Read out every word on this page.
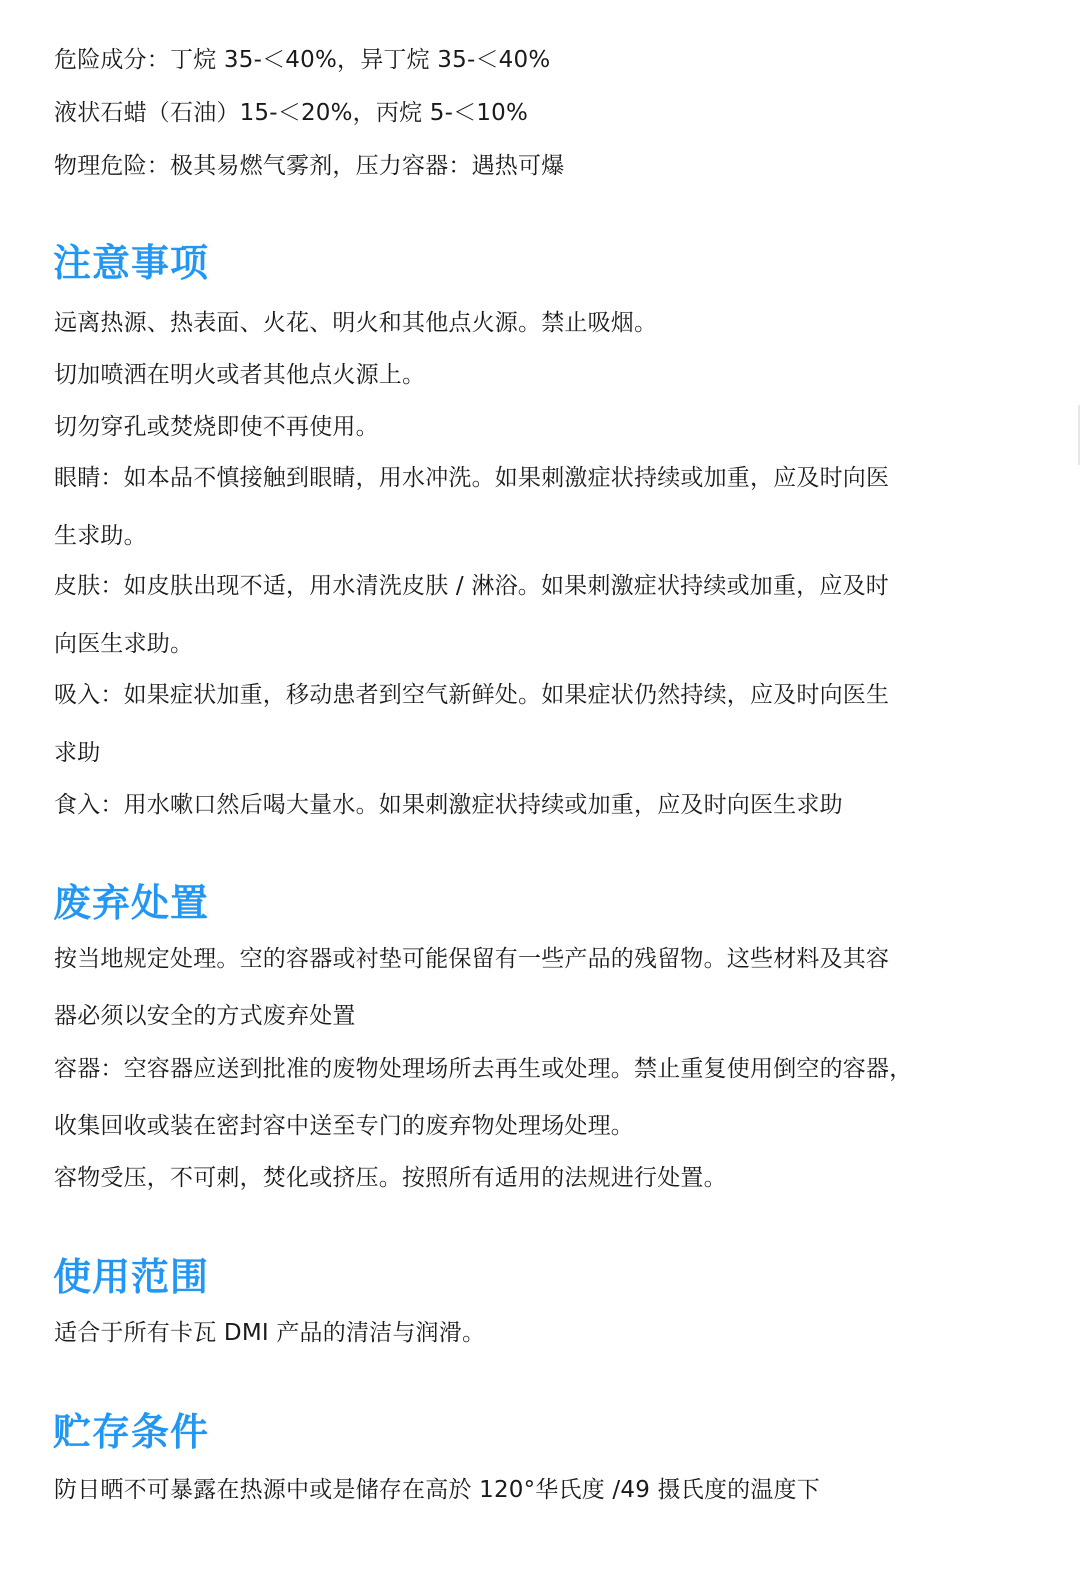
危险成分：丁烷 35-＜40%，异丁烷 35-＜40%
液状石蜡（石油）15-＜20%，丙烷 5-＜10%
物理危险：极其易燃气雾剂，压力容器：遇热可爆
注意事项
远离热源、热表面、火花、明火和其他点火源。禁止吸烟。
切加喷洒在明火或者其他点火源上。
切勿穿孔或焚烧即使不再使用。
眼睛：如本品不慎接触到眼睛，用水冲洗。如果刺激症状持续或加重，应及时向医
生求助。
皮肤：如皮肤出现不适，用水清洗皮肤 / 淋浴。如果刺激症状持续或加重，应及时
向医生求助。
吸入：如果症状加重，移动患者到空气新鲜处。如果症状仍然持续，应及时向医生
求助
食入：用水嗽口然后喝大量水。如果刺激症状持续或加重，应及时向医生求助
废弃处置
按当地规定处理。空的容器或衬垫可能保留有一些产品的残留物。这些材料及其容
器必须以安全的方式废弃处置
容器：空容器应送到批准的废物处理场所去再生或处理。禁止重复使用倒空的容器，
收集回收或装在密封容中送至专门的废弃物处理场处理。
容物受压，不可刺，焚化或挤压。按照所有适用的法规进行处置。
使用范围
适合于所有卡瓦 DMI 产品的清洁与润滑。
贮存条件
防日晒不可暴露在热源中或是储存在高於 120°华氏度 /49 摄氏度的温度下
